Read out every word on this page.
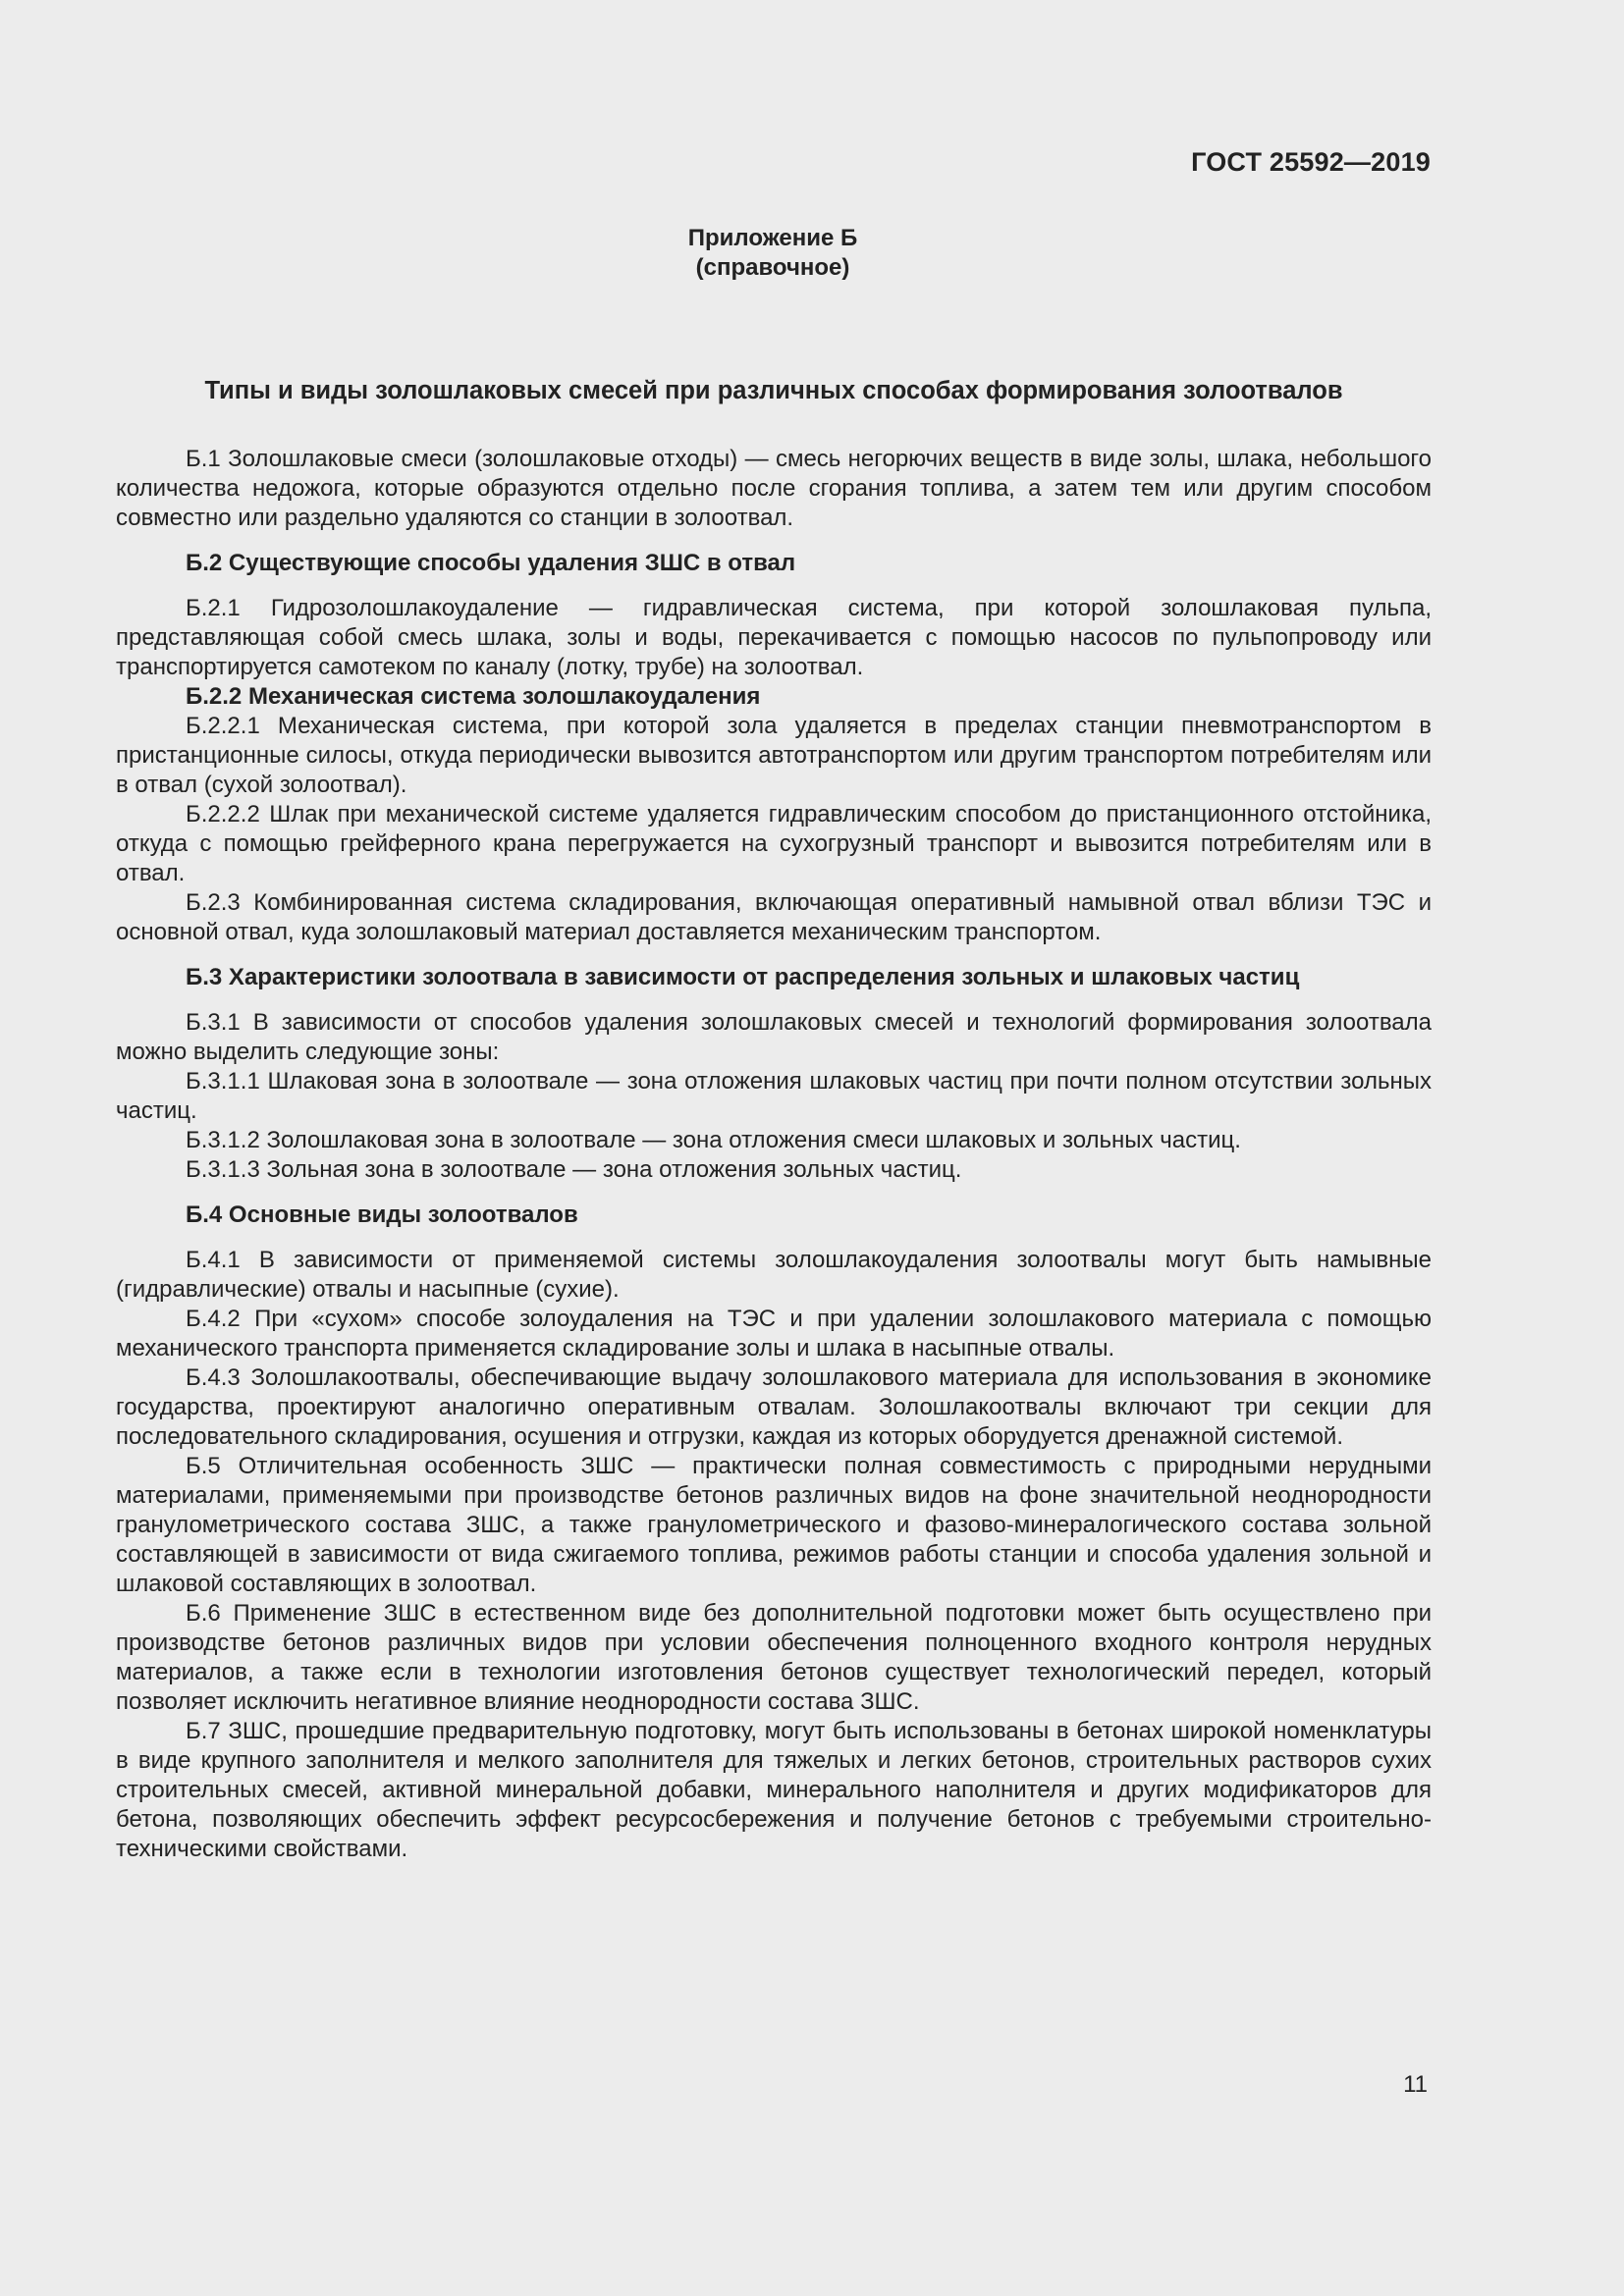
ГОСТ 25592—2019
Приложение Б
(справочное)
Типы и виды золошлаковых смесей при различных способах формирования золоотвалов

Б.1 Золошлаковые смеси (золошлаковые отходы) — смесь негорючих веществ в виде золы, шлака, небольшого количества недожога, которые образуются отдельно после сгорания топлива, а затем тем или другим способом совместно или раздельно удаляются со станции в золоотвал.

Б.2 Существующие способы удаления ЗШС в отвал

Б.2.1 Гидрозолошлакоудаление — гидравлическая система, при которой золошлаковая пульпа, представляющая собой смесь шлака, золы и воды, перекачивается с помощью насосов по пульпопроводу или транспортируется самотеком по каналу (лотку, трубе) на золоотвал.

Б.2.2 Механическая система золошлакоудаления

Б.2.2.1 Механическая система, при которой зола удаляется в пределах станции пневмотранспортом в пристанционные силосы, откуда периодически вывозится автотранспортом или другим транспортом потребителям или в отвал (сухой золоотвал).

Б.2.2.2 Шлак при механической системе удаляется гидравлическим способом до пристанционного отстойника, откуда с помощью грейферного крана перегружается на сухогрузный транспорт и вывозится потребителям или в отвал.

Б.2.3 Комбинированная система складирования, включающая оперативный намывной отвал вблизи ТЭС и основной отвал, куда золошлаковый материал доставляется механическим транспортом.

Б.3 Характеристики золоотвала в зависимости от распределения зольных и шлаковых частиц

Б.3.1 В зависимости от способов удаления золошлаковых смесей и технологий формирования золоотвала можно выделить следующие зоны:

Б.3.1.1 Шлаковая зона в золоотвале — зона отложения шлаковых частиц при почти полном отсутствии зольных частиц.

Б.3.1.2 Золошлаковая зона в золоотвале — зона отложения смеси шлаковых и зольных частиц.

Б.3.1.3 Зольная зона в золоотвале — зона отложения зольных частиц.

Б.4 Основные виды золоотвалов

Б.4.1 В зависимости от применяемой системы золошлакоудаления золоотвалы могут быть намывные (гидравлические) отвалы и насыпные (сухие).

Б.4.2 При «сухом» способе золоудаления на ТЭС и при удалении золошлакового материала с помощью механического транспорта применяется складирование золы и шлака в насыпные отвалы.

Б.4.3 Золошлакоотвалы, обеспечивающие выдачу золошлакового материала для использования в экономике государства, проектируют аналогично оперативным отвалам. Золошлакоотвалы включают три секции для последовательного складирования, осушения и отгрузки, каждая из которых оборудуется дренажной системой.

Б.5 Отличительная особенность ЗШС — практически полная совместимость с природными нерудными материалами, применяемыми при производстве бетонов различных видов на фоне значительной неоднородности гранулометрического состава ЗШС, а также гранулометрического и фазово-минералогического состава зольной составляющей в зависимости от вида сжигаемого топлива, режимов работы станции и способа удаления зольной и шлаковой составляющих в золоотвал.

Б.6 Применение ЗШС в естественном виде без дополнительной подготовки может быть осуществлено при производстве бетонов различных видов при условии обеспечения полноценного входного контроля нерудных материалов, а также если в технологии изготовления бетонов существует технологический передел, который позволяет исключить негативное влияние неоднородности состава ЗШС.

Б.7 ЗШС, прошедшие предварительную подготовку, могут быть использованы в бетонах широкой номенклатуры в виде крупного заполнителя и мелкого заполнителя для тяжелых и легких бетонов, строительных растворов сухих строительных смесей, активной минеральной добавки, минерального наполнителя и других модификаторов для бетона, позволяющих обеспечить эффект ресурсосбережения и получение бетонов с требуемыми строительно-техническими свойствами.

11
